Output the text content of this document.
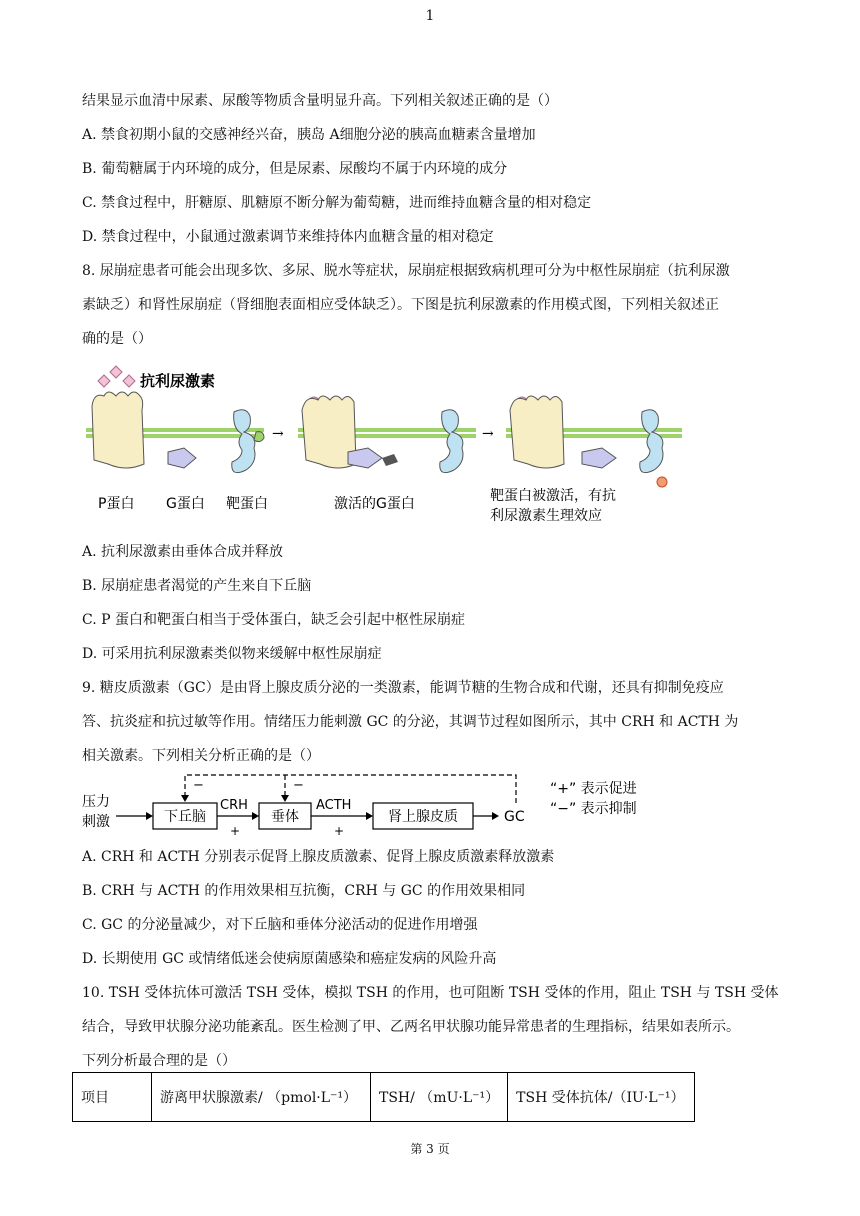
1
结果显示血清中尿素、尿酸等物质含量明显升高。下列相关叙述正确的是（）
A. 禁食初期小鼠的交感神经兴奋，胰岛 A细胞分泌的胰高血糖素含量增加
B. 葡萄糖属于内环境的成分，但是尿素、尿酸均不属于内环境的成分
C. 禁食过程中，肝糖原、肌糖原不断分解为葡萄糖，进而维持血糖含量的相对稳定
D. 禁食过程中，小鼠通过激素调节来维持体内血糖含量的相对稳定
8. 尿崩症患者可能会出现多饮、多尿、脱水等症状，尿崩症根据致病机理可分为中枢性尿崩症（抗利尿激
素缺乏）和肾性尿崩症（肾细胞表面相应受体缺乏）。下图是抗利尿激素的作用模式图，下列相关叙述正
确的是（）
抗利尿激素
→	→
P蛋白 G蛋白 靶蛋白	激活的G蛋白	靶蛋白被激活，有抗
利尿激素生理效应
A. 抗利尿激素由垂体合成并释放
B. 尿崩症患者渴觉的产生来自下丘脑
C. P 蛋白和靶蛋白相当于受体蛋白，缺乏会引起中枢性尿崩症
D. 可采用抗利尿激素类似物来缓解中枢性尿崩症
9. 糖皮质激素（GC）是由肾上腺皮质分泌的一类激素，能调节糖的生物合成和代谢，还具有抑制免疫应
答、抗炎症和抗过敏等作用。情绪压力能刺激 GC 的分泌，其调节过程如图所示，其中 CRH 和 ACTH 为
相关激素。下列相关分析正确的是（）
压力
刺激	下丘脑
CRH
+
垂体
ACTH
+
肾上腺皮质	GC
−	−	“+” 表示促进
“−” 表示抑制
A. CRH 和 ACTH 分别表示促肾上腺皮质激素、促肾上腺皮质激素释放激素
B. CRH 与 ACTH 的作用效果相互抗衡，CRH 与 GC 的作用效果相同
C. GC 的分泌量减少，对下丘脑和垂体分泌活动的促进作用增强
D. 长期使用 GC 或情绪低迷会使病原菌感染和癌症发病的风险升高
10. TSH 受体抗体可激活 TSH 受体，模拟 TSH 的作用，也可阻断 TSH 受体的作用，阻止 TSH 与 TSH 受体
结合，导致甲状腺分泌功能紊乱。医生检测了甲、乙两名甲状腺功能异常患者的生理指标，结果如表所示。
下列分析最合理的是（）
项目	游离甲状腺激素/ （pmol·L⁻¹）	TSH/ （mU·L⁻¹）	TSH 受体抗体/（IU·L⁻¹）
第 3 页
